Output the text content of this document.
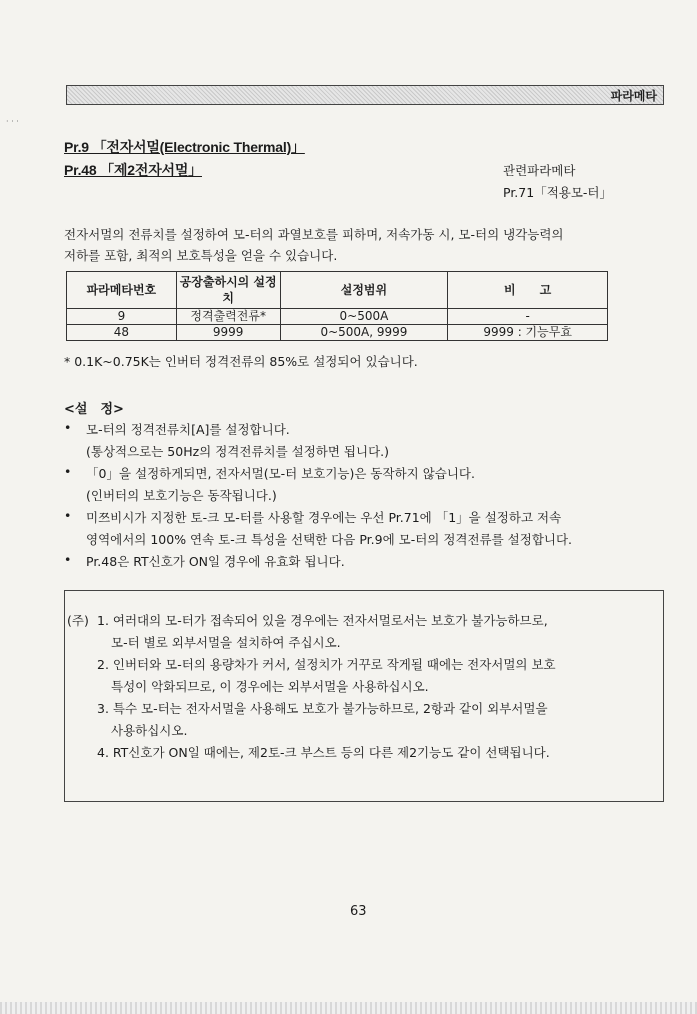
파라메타
· · ·
Pr.9 「전자서멀(Electronic Thermal)」
Pr.48 「제2전자서멀」	관련파라메타
Pr.71「적용모-터」
전자서멀의 전류치를 설정하여 모-터의 과열보호를 피하며, 저속가동 시, 모-터의 냉각능력의
저하를 포함, 최적의 보호특성을 얻을 수 있습니다.
파라메타번호	공장출하시의 설정치	설정범위	비　　고
9	정격출력전류*	0~500A	-
48	9999	0~500A, 9999	9999 : 기능무효
* 0.1K~0.75K는 인버터 정격전류의 85%로 설정되어 있습니다.
<설　정>
• 모-터의 정격전류치[A]를 설정합니다.
(통상적으로는 50Hz의 정격전류치를 설정하면 됩니다.)
• 「0」을 설정하게되면, 전자서멀(모-터 보호기능)은 동작하지 않습니다.
(인버터의 보호기능은 동작됩니다.)
• 미쯔비시가 지정한 토-크 모-터를 사용할 경우에는 우선 Pr.71에 「1」을 설정하고 저속
영역에서의 100% 연속 토-크 특성을 선택한 다음 Pr.9에 모-터의 정격전류를 설정합니다.
• Pr.48은 RT신호가 ON일 경우에 유효화 됩니다.
(주) 1. 여러대의 모-터가 접속되어 있을 경우에는 전자서멀로서는 보호가 불가능하므로,
모-터 별로 외부서멀을 설치하여 주십시오.
2. 인버터와 모-터의 용량차가 커서, 설정치가 거꾸로 작게될 때에는 전자서멀의 보호
특성이 악화되므로, 이 경우에는 외부서멀을 사용하십시오.
3. 특수 모-터는 전자서멀을 사용해도 보호가 불가능하므로, 2항과 같이 외부서멀을
사용하십시오.
4. RT신호가 ON일 때에는, 제2토-크 부스트 등의 다른 제2기능도 같이 선택됩니다.
63
